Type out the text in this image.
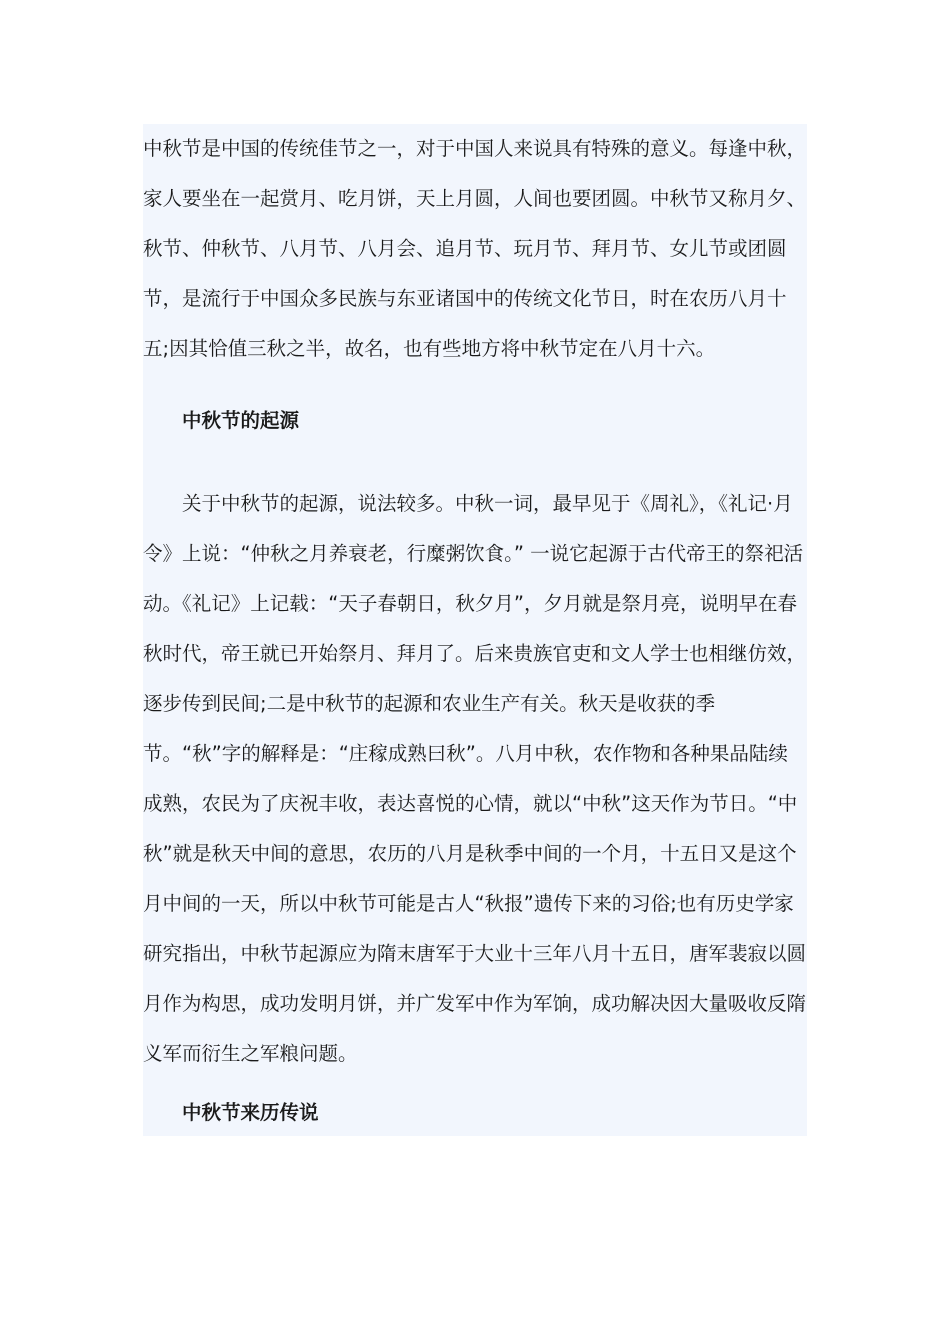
中秋节是中国的传统佳节之一，对于中国人来说具有特殊的意义。每逢中秋，家人要坐在一起赏月、吃月饼，天上月圆，人间也要团圆。中秋节又称月夕、秋节、仲秋节、八月节、八月会、追月节、玩月节、拜月节、女儿节或团圆节，是流行于中国众多民族与东亚诸国中的传统文化节日，时在农历八月十五;因其恰值三秋之半，故名，也有些地方将中秋节定在八月十六。

中秋节的起源

关于中秋节的起源，说法较多。中秋一词，最早见于《周礼》，《礼记·月令》上说：“仲秋之月养衰老，行糜粥饮食。” 一说它起源于古代帝王的祭祀活动。《礼记》上记载：“天子春朝日，秋夕月”，夕月就是祭月亮，说明早在春秋时代，帝王就已开始祭月、拜月了。后来贵族官吏和文人学士也相继仿效，逐步传到民间;二是中秋节的起源和农业生产有关。秋天是收获的季节。“秋”字的解释是：“庄稼成熟曰秋”。八月中秋，农作物和各种果品陆续成熟，农民为了庆祝丰收，表达喜悦的心情，就以“中秋”这天作为节日。“中秋”就是秋天中间的意思，农历的八月是秋季中间的一个月，十五日又是这个月中间的一天，所以中秋节可能是古人“秋报”遗传下来的习俗;也有历史学家研究指出，中秋节起源应为隋末唐军于大业十三年八月十五日，唐军裴寂以圆月作为构思，成功发明月饼，并广发军中作为军饷，成功解决因大量吸收反隋义军而衍生之军粮问题。

中秋节来历传说
